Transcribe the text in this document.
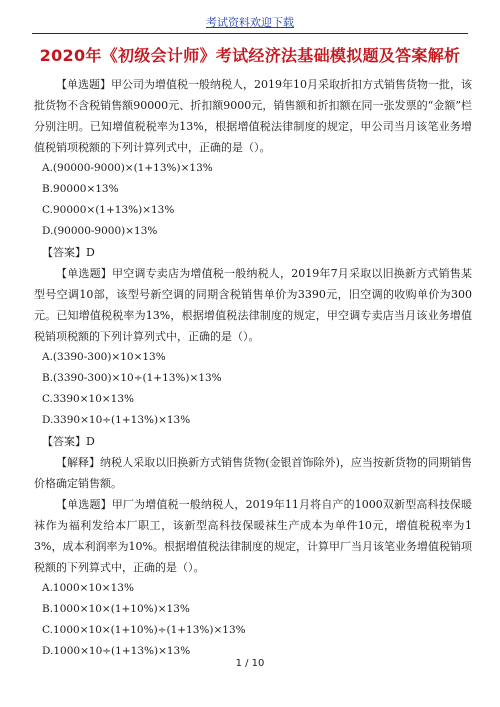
考试资料欢迎下载
2020年《初级会计师》考试经济法基础模拟题及答案解析

【单选题】甲公司为增值税一般纳税人，2019年10月采取折扣方式销售货物一批，该批货物不含税销售额90000元、折扣额9000元，销售额和折扣额在同一张发票的“金额”栏分别注明。已知增值税税率为13%，根据增值税法律制度的规定，甲公司当月该笔业务增值税销项税额的下列计算列式中，正确的是（）。

A.(90000-9000)×(1+13%)×13%

B.90000×13%

C.90000×(1+13%)×13%

D.(90000-9000)×13%

【答案】D

【单选题】甲空调专卖店为增值税一般纳税人，2019年7月采取以旧换新方式销售某型号空调10部，该型号新空调的同期含税销售单价为3390元，旧空调的收购单价为300元。已知增值税税率为13%，根据增值税法律制度的规定，甲空调专卖店当月该业务增值税销项税额的下列计算列式中，正确的是（）。

A.(3390-300)×10×13%

B.(3390-300)×10÷(1+13%)×13%

C.3390×10×13%

D.3390×10÷(1+13%)×13%

【答案】D

【解释】纳税人采取以旧换新方式销售货物(金银首饰除外)，应当按新货物的同期销售价格确定销售额。

【单选题】甲厂为增值税一般纳税人，2019年11月将自产的1000双新型高科技保暖袜作为福利发给本厂职工，该新型高科技保暖袜生产成本为单件10元，增值税税率为13%，成本利润率为10%。根据增值税法律制度的规定，计算甲厂当月该笔业务增值税销项税额的下列算式中，正确的是（）。

A.1000×10×13%

B.1000×10×(1+10%)×13%

C.1000×10×(1+10%)÷(1+13%)×13%

D.1000×10÷(1+13%)×13%

1 / 10
